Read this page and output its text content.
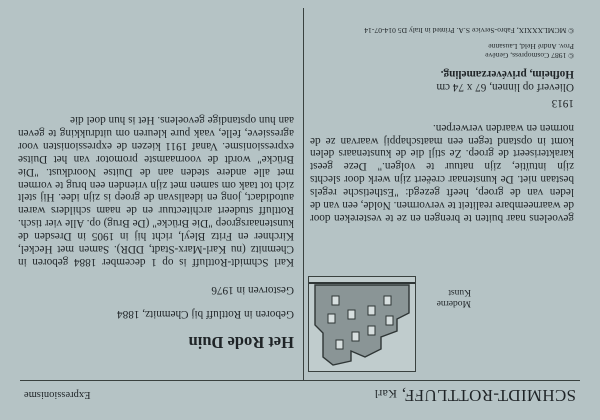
SCHMIDT-ROTTLUFF, Karl
Expressionisme
Moderne
Kunst

gevoelens naar buiten te brengen en ze te vestereken door de waarneembare realiteit te vervormen. Nolde, een van de leden van de groep, heeft gezegd: "Esthetische regels bestaan niet. De kunstenaar creëert zijn werk door slechts zijn intuïtie, zijn natuur te volgen." Deze geest karakteriseert de groep. Ze stijl die de kunstenaars delen komt in opstand tegen een maatschappij waarvan ze de normen en waarden verwerpen.

1913
Olieverf op linnen, 67 x 74 cm
Hofheim, privéverzameling.
© 1987 Cosmopress, Genève
Prov. André Held, Lausanne
© MCMLXXXIX, Fabro-Service S.A. Printed in Italy D5 014-07-14
Het Rode Duin
Geboren in Rottluff bij Chemnitz, 1884
Gestorven in 1976

Karl Schmidt-Rottluff is op 1 december 1884 geboren in Chemnitz (nu Karl-Marx-Stadt, DDR). Samen met Heckel, Kirchner en Fritz Bleyl, richt hij in 1905 in Dresden de kunstenaarsgroep "Die Brücke" (De Brug) op. Alle vier tisch. Rottluff studeert architectuur en de naam schilders waren autodidact, jong en idealisvan de groep is zijn idee. Hij stelt zich tot taak om samen met zijn vrienden een brug te vormen met alle andere steden aan de Duitse Noordkust. "Die Brücke" wordt de voornaamste promotor van het Duitse expressionisme. Vanaf 1911 kiezen de expressionisten voor agressieve, felle, vaak pure kleuren om uitdrukking te geven aan hun opstandige gevoelens. Het is hun doel die
